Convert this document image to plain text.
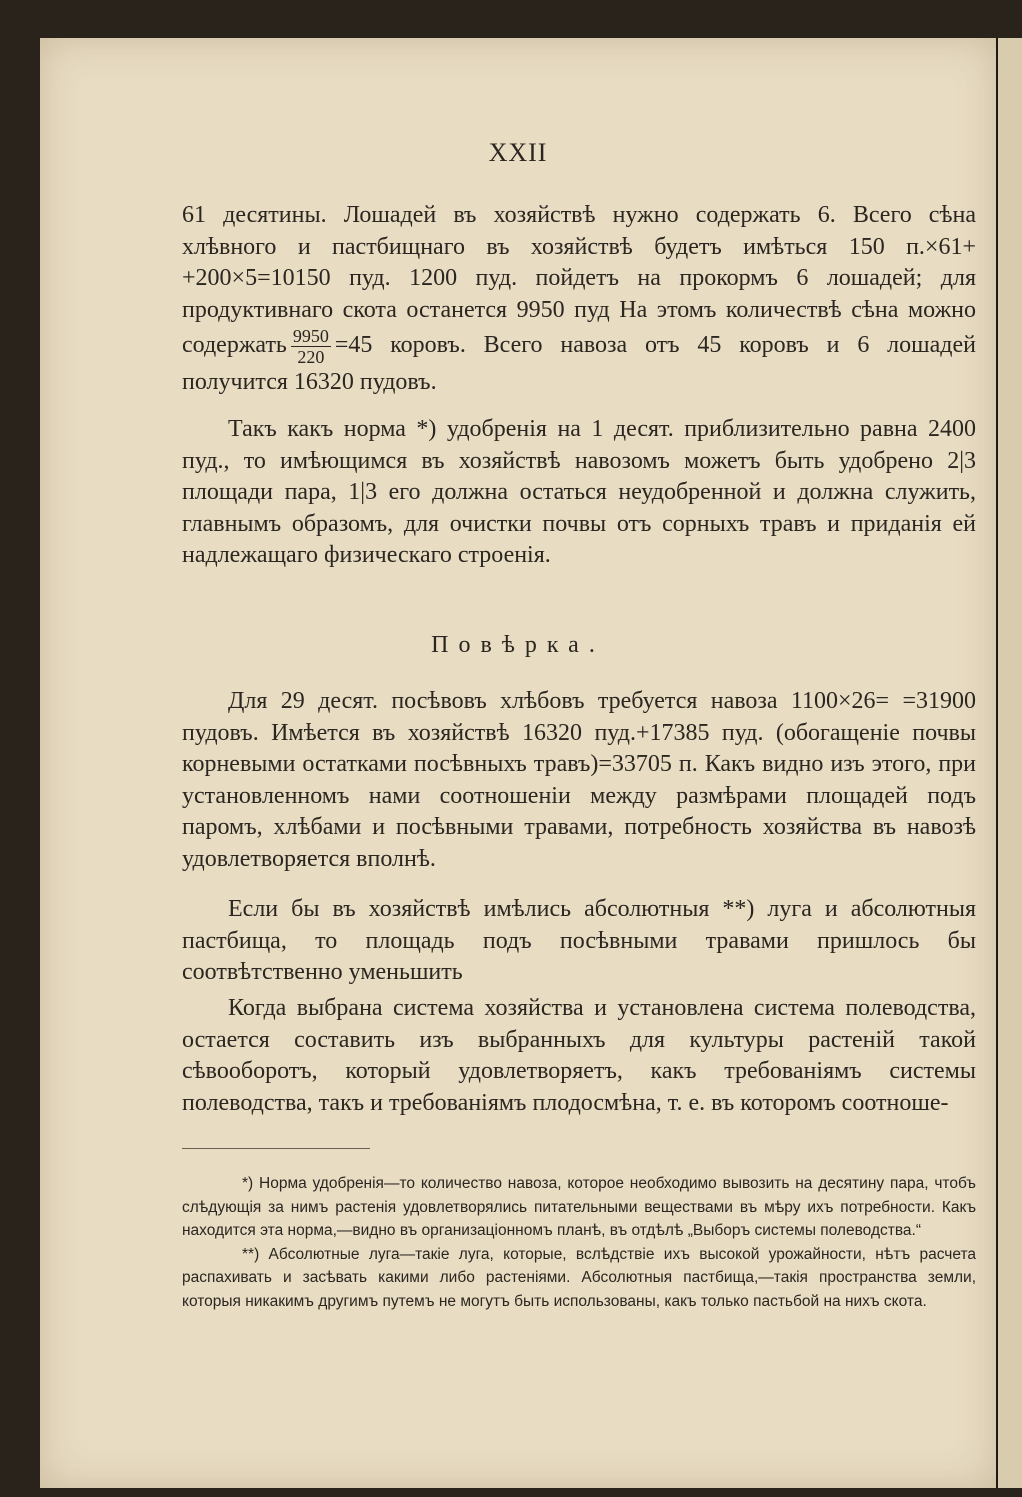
XXII

61 десятины. Лошадей въ хозяйствѣ нужно содержать 6. Всего сѣна хлѣвного и пастбищнаго въ хозяйствѣ будетъ имѣться 150 п.×61+ +200×5=10150 пуд. 1200 пуд. пойдетъ на прокормъ 6 лошадей; для продуктивнаго скота останется 9950 пуд На этомъ количествѣ сѣна можно содержать $\frac{9950}{220} =45$ коровъ. Всего навоза отъ 45 коровъ и 6 лошадей получится 16320 пудовъ.

Такъ какъ норма *) удобренія на 1 десят. приблизительно равна 2400 пуд., то имѣющимся въ хозяйствѣ навозомъ можетъ быть удобрено 2|3 площади пара, 1|3 его должна остаться неудобренной и должна служить, главнымъ образомъ, для очистки почвы отъ сорныхъ травъ и приданія ей надлежащаго физическаго строенія.

Повѣрка.

Для 29 десят. посѣвовъ хлѣбовъ требуется навоза 1100×26= =31900 пудовъ. Имѣется въ хозяйствѣ 16320 пуд.+17385 пуд. (обогащеніе почвы корневыми остатками посѣвныхъ травъ)=33705 п. Какъ видно изъ этого, при установленномъ нами соотношеніи между размѣрами площадей подъ паромъ, хлѣбами и посѣвными травами, потребность хозяйства въ навозѣ удовлетворяется вполнѣ.

Если бы въ хозяйствѣ имѣлись абсолютныя **) луга и абсолютныя пастбища, то площадь подъ посѣвными травами пришлось бы соотвѣтственно уменьшить

Когда выбрана система хозяйства и установлена система полеводства, остается составить изъ выбранныхъ для культуры растеній такой сѣвооборотъ, который удовлетворяетъ, какъ требованіямъ системы полеводства, такъ и требованіямъ плодосмѣна, т. е. въ которомъ соотноше-

*) Норма удобренія—то количество навоза, которое необходимо вывозить на десятину пара, чтобъ слѣдующія за нимъ растенія удовлетворялись питательными веществами въ мѣру ихъ потребности. Какъ находится эта норма,—видно въ организаціонномъ планѣ, въ отдѣлѣ „Выборъ системы полеводства.“

**) Абсолютные луга—такіе луга, которые, вслѣдствіе ихъ высокой урожайности, нѣтъ расчета распахивать и засѣвать какими либо растеніями. Абсолютныя пастбища,—такія пространства земли, которыя никакимъ другимъ путемъ не могутъ быть использованы, какъ только пастьбой на нихъ скота.
